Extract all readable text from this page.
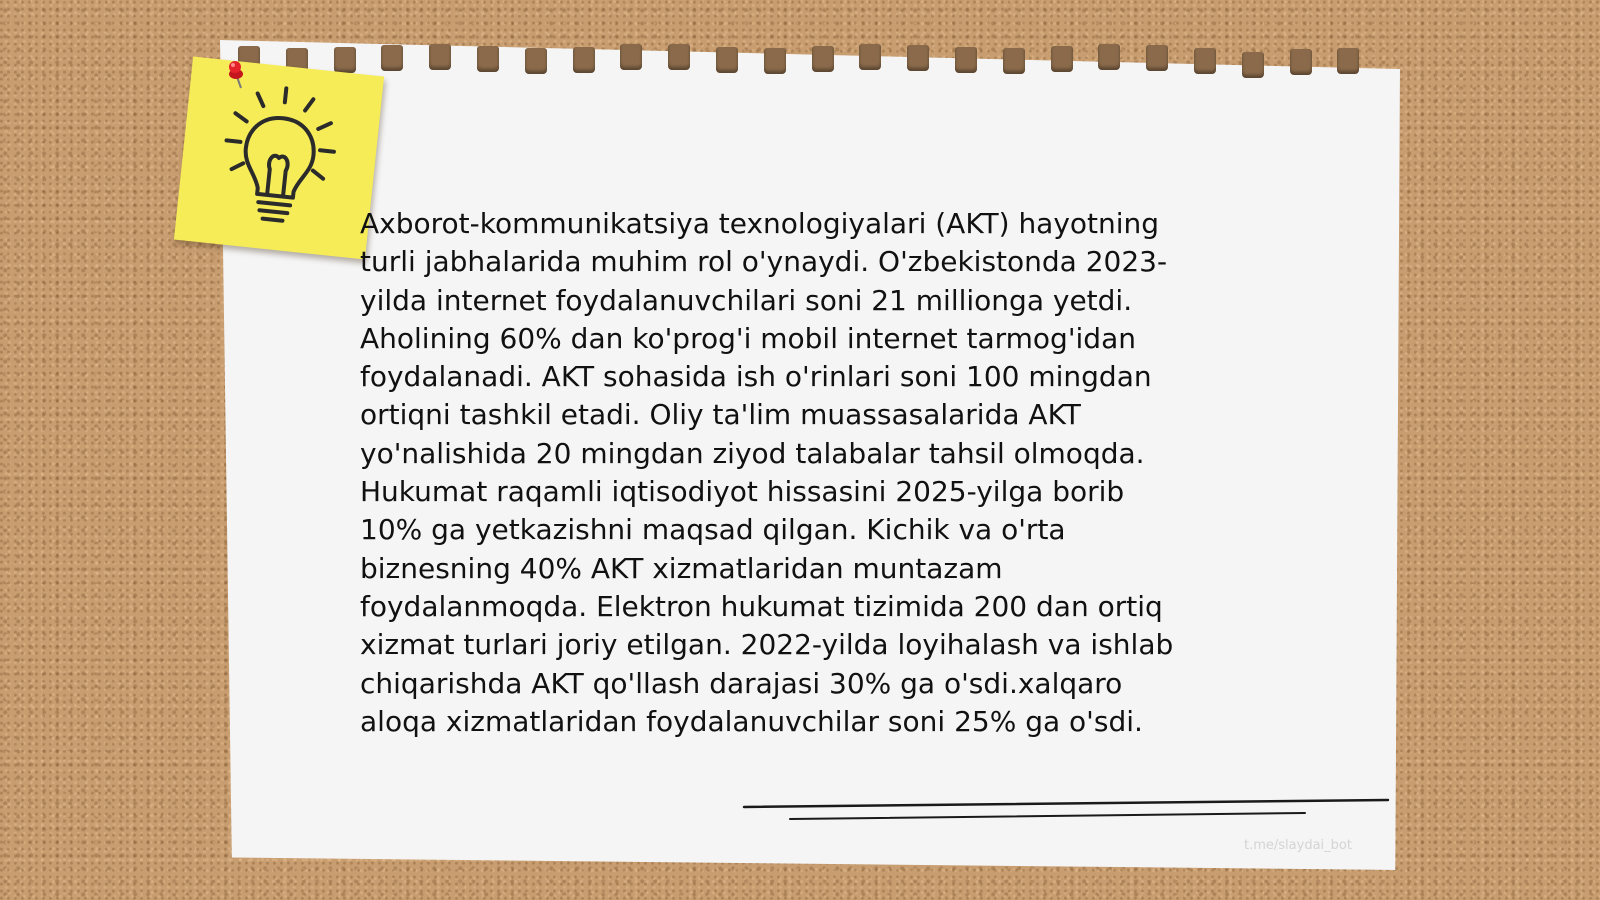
Axborot-kommunikatsiya texnologiyalari (AKT) hayotning
turli jabhalarida muhim rol o'ynaydi. O'zbekistonda 2023-
yilda internet foydalanuvchilari soni 21 millionga yetdi.
Aholining 60% dan ko'prog'i mobil internet tarmog'idan
foydalanadi. AKT sohasida ish o'rinlari soni 100 mingdan
ortiqni tashkil etadi. Oliy ta'lim muassasalarida AKT
yo'nalishida 20 mingdan ziyod talabalar tahsil olmoqda.
Hukumat raqamli iqtisodiyot hissasini 2025-yilga borib
10% ga yetkazishni maqsad qilgan. Kichik va o'rta
biznesning 40% AKT xizmatlaridan muntazam
foydalanmoqda. Elektron hukumat tizimida 200 dan ortiq
xizmat turlari joriy etilgan. 2022-yilda loyihalash va ishlab
chiqarishda AKT qo'llash darajasi 30% ga o'sdi.xalqaro
aloqa xizmatlaridan foydalanuvchilar soni 25% ga o'sdi.

t.me/slaydai_bot
